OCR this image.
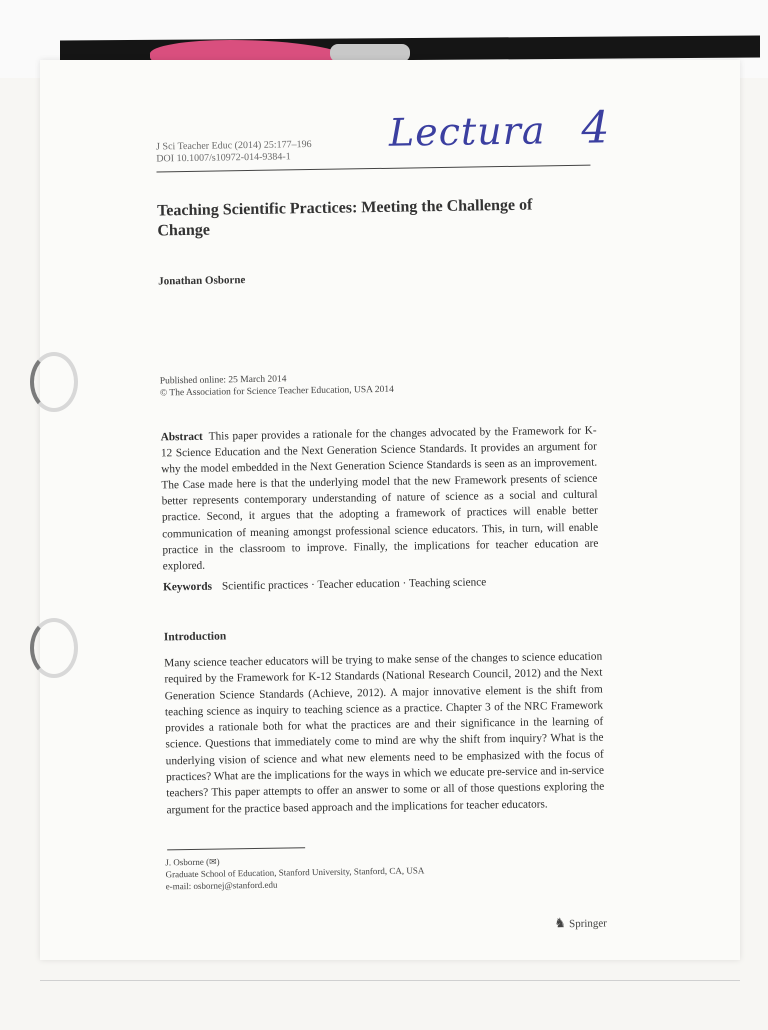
J Sci Teacher Educ (2014) 25:177–196
DOI 10.1007/s10972-014-9384-1
Lectura 4
Teaching Scientific Practices: Meeting the Challenge of Change
Jonathan Osborne
Published online: 25 March 2014
© The Association for Science Teacher Education, USA 2014
Abstract This paper provides a rationale for the changes advocated by the Framework for K-12 Science Education and the Next Generation Science Standards. It provides an argument for why the model embedded in the Next Generation Science Standards is seen as an improvement. The Case made here is that the underlying model that the new Framework presents of science better represents contemporary understanding of nature of science as a social and cultural practice. Second, it argues that the adopting a framework of practices will enable better communication of meaning amongst professional science educators. This, in turn, will enable practice in the classroom to improve. Finally, the implications for teacher education are explored.
Keywords Scientific practices · Teacher education · Teaching science
Introduction
Many science teacher educators will be trying to make sense of the changes to science education required by the Framework for K-12 Standards (National Research Council, 2012) and the Next Generation Science Standards (Achieve, 2012). A major innovative element is the shift from teaching science as inquiry to teaching science as a practice. Chapter 3 of the NRC Framework provides a rationale both for what the practices are and their significance in the learning of science. Questions that immediately come to mind are why the shift from inquiry? What is the underlying vision of science and what new elements need to be emphasized with the focus of practices? What are the implications for the ways in which we educate pre-service and in-service teachers? This paper attempts to offer an answer to some or all of those questions exploring the argument for the practice based approach and the implications for teacher educators.
J. Osborne (✉)
Graduate School of Education, Stanford University, Stanford, CA, USA
e-mail: osbornej@stanford.edu
♞ Springer
